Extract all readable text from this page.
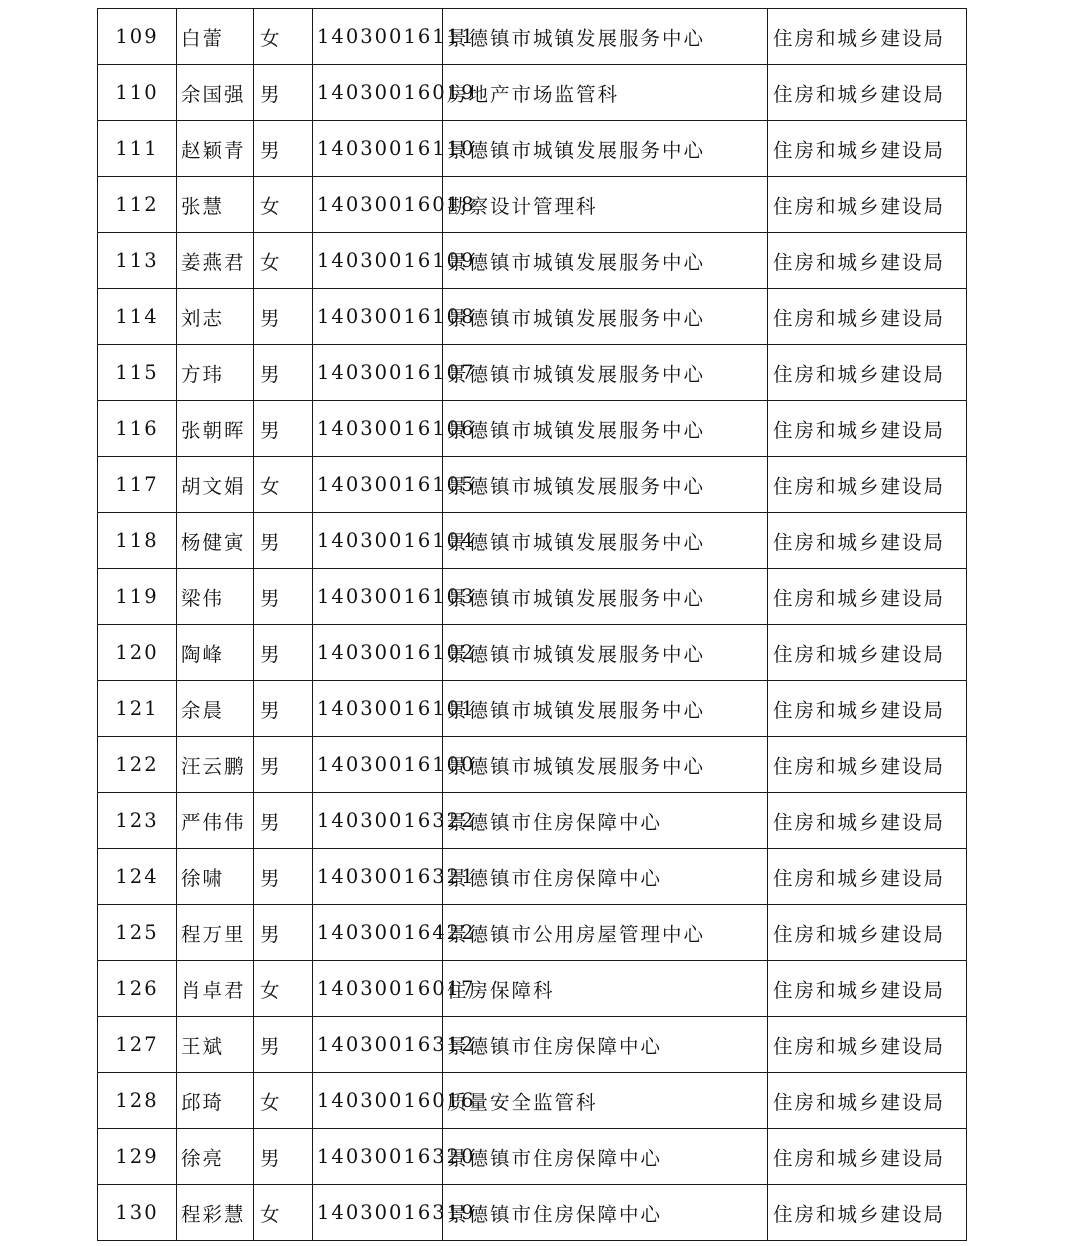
109	白蕾	女	14030016111	景德镇市城镇发展服务中心	住房和城乡建设局
110	余国强	男	14030016019	房地产市场监管科	住房和城乡建设局
111	赵颖青	男	14030016110	景德镇市城镇发展服务中心	住房和城乡建设局
112	张慧	女	14030016018	勘察设计管理科	住房和城乡建设局
113	姜燕君	女	14030016109	景德镇市城镇发展服务中心	住房和城乡建设局
114	刘志	男	14030016108	景德镇市城镇发展服务中心	住房和城乡建设局
115	方玮	男	14030016107	景德镇市城镇发展服务中心	住房和城乡建设局
116	张朝晖	男	14030016106	景德镇市城镇发展服务中心	住房和城乡建设局
117	胡文娟	女	14030016105	景德镇市城镇发展服务中心	住房和城乡建设局
118	杨健寅	男	14030016104	景德镇市城镇发展服务中心	住房和城乡建设局
119	梁伟	男	14030016103	景德镇市城镇发展服务中心	住房和城乡建设局
120	陶峰	男	14030016102	景德镇市城镇发展服务中心	住房和城乡建设局
121	余晨	男	14030016101	景德镇市城镇发展服务中心	住房和城乡建设局
122	汪云鹏	男	14030016100	景德镇市城镇发展服务中心	住房和城乡建设局
123	严伟伟	男	14030016322	景德镇市住房保障中心	住房和城乡建设局
124	徐啸	男	14030016321	景德镇市住房保障中心	住房和城乡建设局
125	程万里	男	14030016422	景德镇市公用房屋管理中心	住房和城乡建设局
126	肖卓君	女	14030016017	住房保障科	住房和城乡建设局
127	王斌	男	14030016312	景德镇市住房保障中心	住房和城乡建设局
128	邱琦	女	14030016016	质量安全监管科	住房和城乡建设局
129	徐亮	男	14030016320	景德镇市住房保障中心	住房和城乡建设局
130	程彩慧	女	14030016319	景德镇市住房保障中心	住房和城乡建设局
